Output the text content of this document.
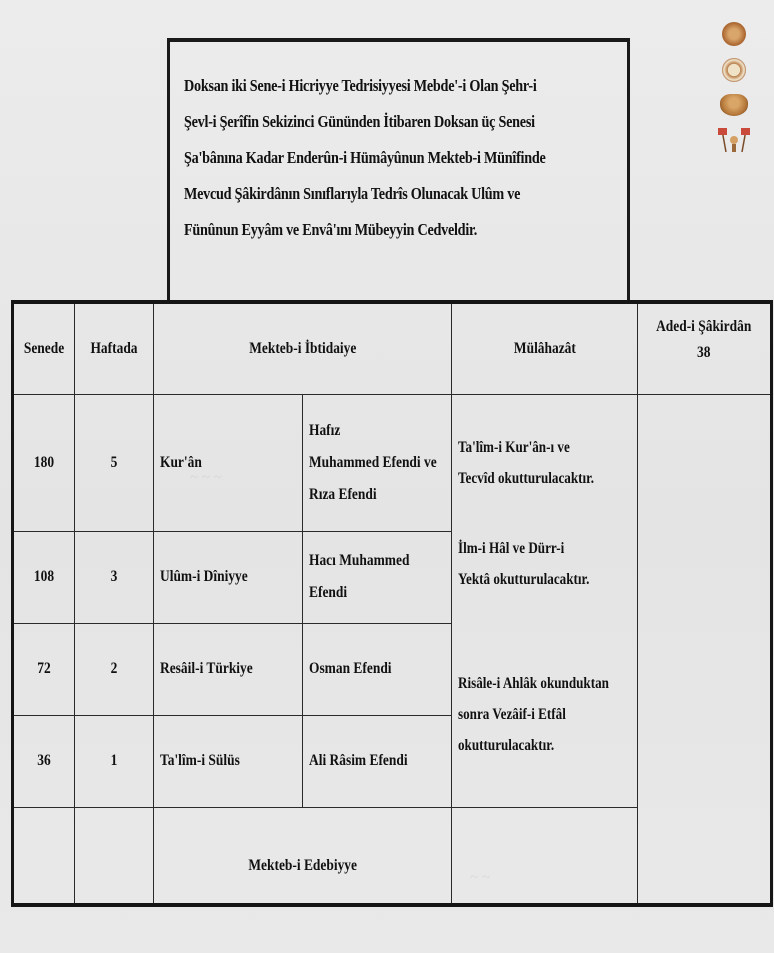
~ ~ ~
~ ~
Doksan iki Sene-i Hicriyye Tedrisiyyesi Mebde'-i Olan Şehr-i
Şevl-i Şerîfin Sekizinci Gününden İtibaren Doksan üç Senesi
Şa'bânına Kadar Enderûn-i Hümâyûnun Mekteb-i Münîfinde
Mevcud Şâkirdânın Sınıflarıyla Tedrîs Olunacak Ulûm ve
Fünûnun Eyyâm ve Envâ'ını Mübeyyin Cedveldir.
Senede	Haftada	Mekteb-i İbtidaiye		Mülâhazât	Aded-i Şâkirdân
38
180	5	Kur'ân	Hafız
Muhammed Efendi ve
Rıza Efendi	Ta'lîm-i Kur'ân-ı ve
Tecvîd okutturulacaktır.	

108	3	Ulûm-i Dîniyye	Hacı Muhammed
Efendi	İlm-i Hâl ve Dürr-i
Yektâ okutturulacaktır.	

72	2	Resâil-i Türkiye	Osman Efendi	Risâle-i Ahlâk okunduktan
sonra Vezâif-i Etfâl
okutturulacaktır.	

36	1	Ta'lîm-i Sülüs	Ali Râsim Efendi		
		Mekteb-i Edebiyye			
